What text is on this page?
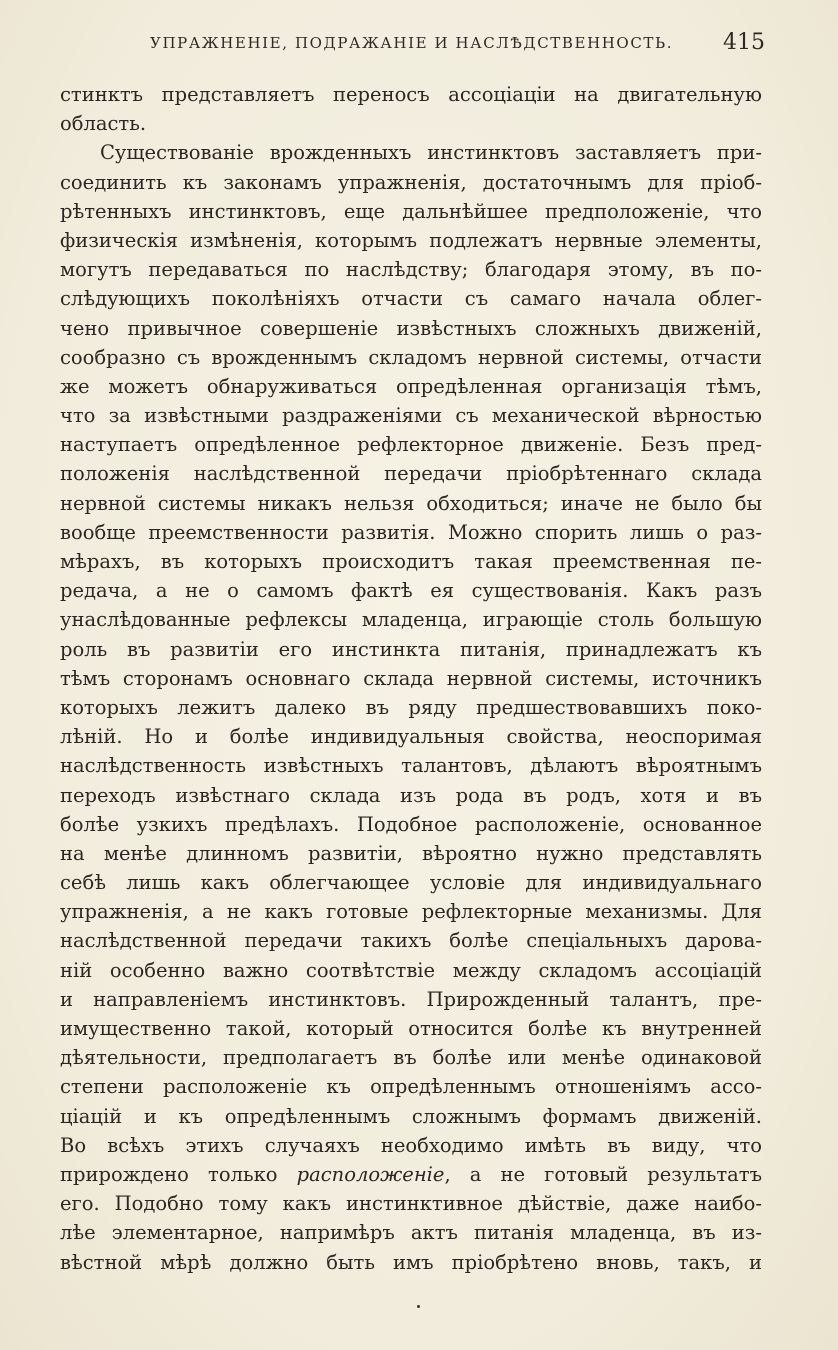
УПРАЖНЕНІЕ, ПОДРАЖАНІЕ И НАСЛѢДСТВЕННОСТЬ. 415
стинктъ представляетъ переносъ ассоціаціи на двигательную
область.
Существованіе врожденныхъ инстинктовъ заставляетъ при-
соединить къ законамъ упражненія, достаточнымъ для пріоб-
рѣтенныхъ инстинктовъ, еще дальнѣйшее предположеніе, что
физическія измѣненія, которымъ подлежатъ нервные элементы,
могутъ передаваться по наслѣдству; благодаря этому, въ по-
слѣдующихъ поколѣніяхъ отчасти съ самаго начала облег-
чено привычное совершеніе извѣстныхъ сложныхъ движеній,
сообразно съ врожденнымъ складомъ нервной системы, отчасти
же можетъ обнаруживаться опредѣленная организація тѣмъ,
что за извѣстными раздраженіями съ механической вѣрностью
наступаетъ опредѣленное рефлекторное движеніе. Безъ пред-
положенія наслѣдственной передачи пріобрѣтеннаго склада
нервной системы никакъ нельзя обходиться; иначе не было бы
вообще преемственности развитія. Можно спорить лишь о раз-
мѣрахъ, въ которыхъ происходитъ такая преемственная пе-
редача, а не о самомъ фактѣ ея существованія. Какъ разъ
унаслѣдованные рефлексы младенца, играющіе столь большую
роль въ развитіи его инстинкта питанія, принадлежатъ къ
тѣмъ сторонамъ основнаго склада нервной системы, источникъ
которыхъ лежитъ далеко въ ряду предшествовавшихъ поко-
лѣній. Но и болѣе индивидуальныя свойства, неоспоримая
наслѣдственность извѣстныхъ талантовъ, дѣлаютъ вѣроятнымъ
переходъ извѣстнаго склада изъ рода въ родъ, хотя и въ
болѣе узкихъ предѣлахъ. Подобное расположеніе, основанное
на менѣе длинномъ развитіи, вѣроятно нужно представлять
себѣ лишь какъ облегчающее условіе для индивидуальнаго
упражненія, а не какъ готовые рефлекторные механизмы. Для
наслѣдственной передачи такихъ болѣе спеціальныхъ дарова-
ній особенно важно соотвѣтствіе между складомъ ассоціацій
и направленіемъ инстинктовъ. Прирожденный талантъ, пре-
имущественно такой, который относится болѣе къ внутренней
дѣятельности, предполагаетъ въ болѣе или менѣе одинаковой
степени расположеніе къ опредѣленнымъ отношеніямъ ассо-
ціацій и къ опредѣленнымъ сложнымъ формамъ движеній.
Во всѣхъ этихъ случаяхъ необходимо имѣть въ виду, что
прирождено только расположеніе, а не готовый результатъ
его. Подобно тому какъ инстинктивное дѣйствіе, даже наибо-
лѣе элементарное, напримѣръ актъ питанія младенца, въ из-
вѣстной мѣрѣ должно быть имъ пріобрѣтено вновь, такъ, и
